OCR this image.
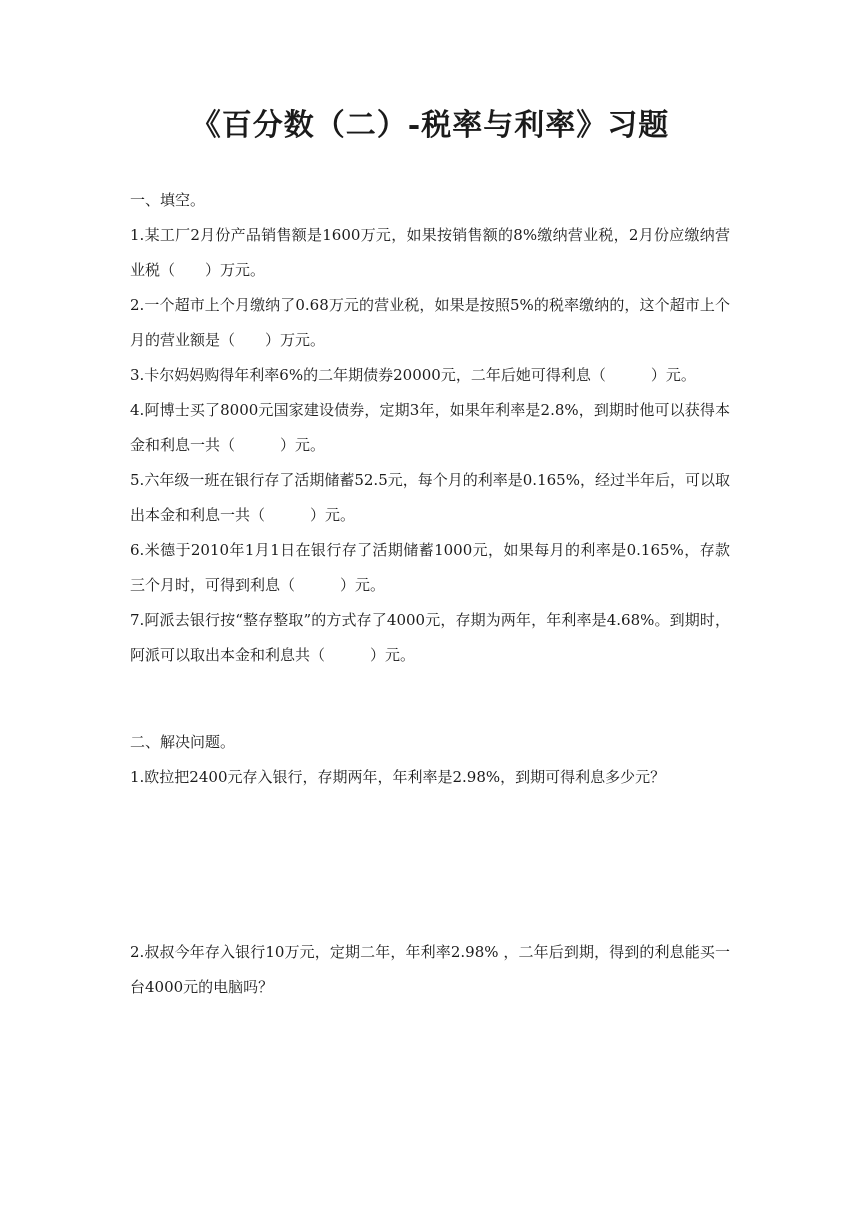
《百分数（二）-税率与利率》习题

一、填空。

1.某工厂2月份产品销售额是1600万元，如果按销售额的8%缴纳营业税，2月份应缴纳营业税（　　）万元。

2.一个超市上个月缴纳了0.68万元的营业税，如果是按照5%的税率缴纳的，这个超市上个月的营业额是（　　）万元。

3.卡尔妈妈购得年利率6%的二年期债券20000元，二年后她可得利息（　　　）元。

4.阿博士买了8000元国家建设债券，定期3年，如果年利率是2.8%，到期时他可以获得本金和利息一共（　　　）元。

5.六年级一班在银行存了活期储蓄52.5元，每个月的利率是0.165%，经过半年后，可以取出本金和利息一共（　　　）元。

6.米德于2010年1月1日在银行存了活期储蓄1000元，如果每月的利率是0.165%，存款三个月时，可得到利息（　　　）元。

7.阿派去银行按“整存整取”的方式存了4000元，存期为两年，年利率是4.68%。到期时，阿派可以取出本金和利息共（　　　）元。

二、解决问题。

1.欧拉把2400元存入银行，存期两年，年利率是2.98%，到期可得利息多少元？

2.叔叔今年存入银行10万元，定期二年，年利率2.98% ，二年后到期，得到的利息能买一台4000元的电脑吗？
